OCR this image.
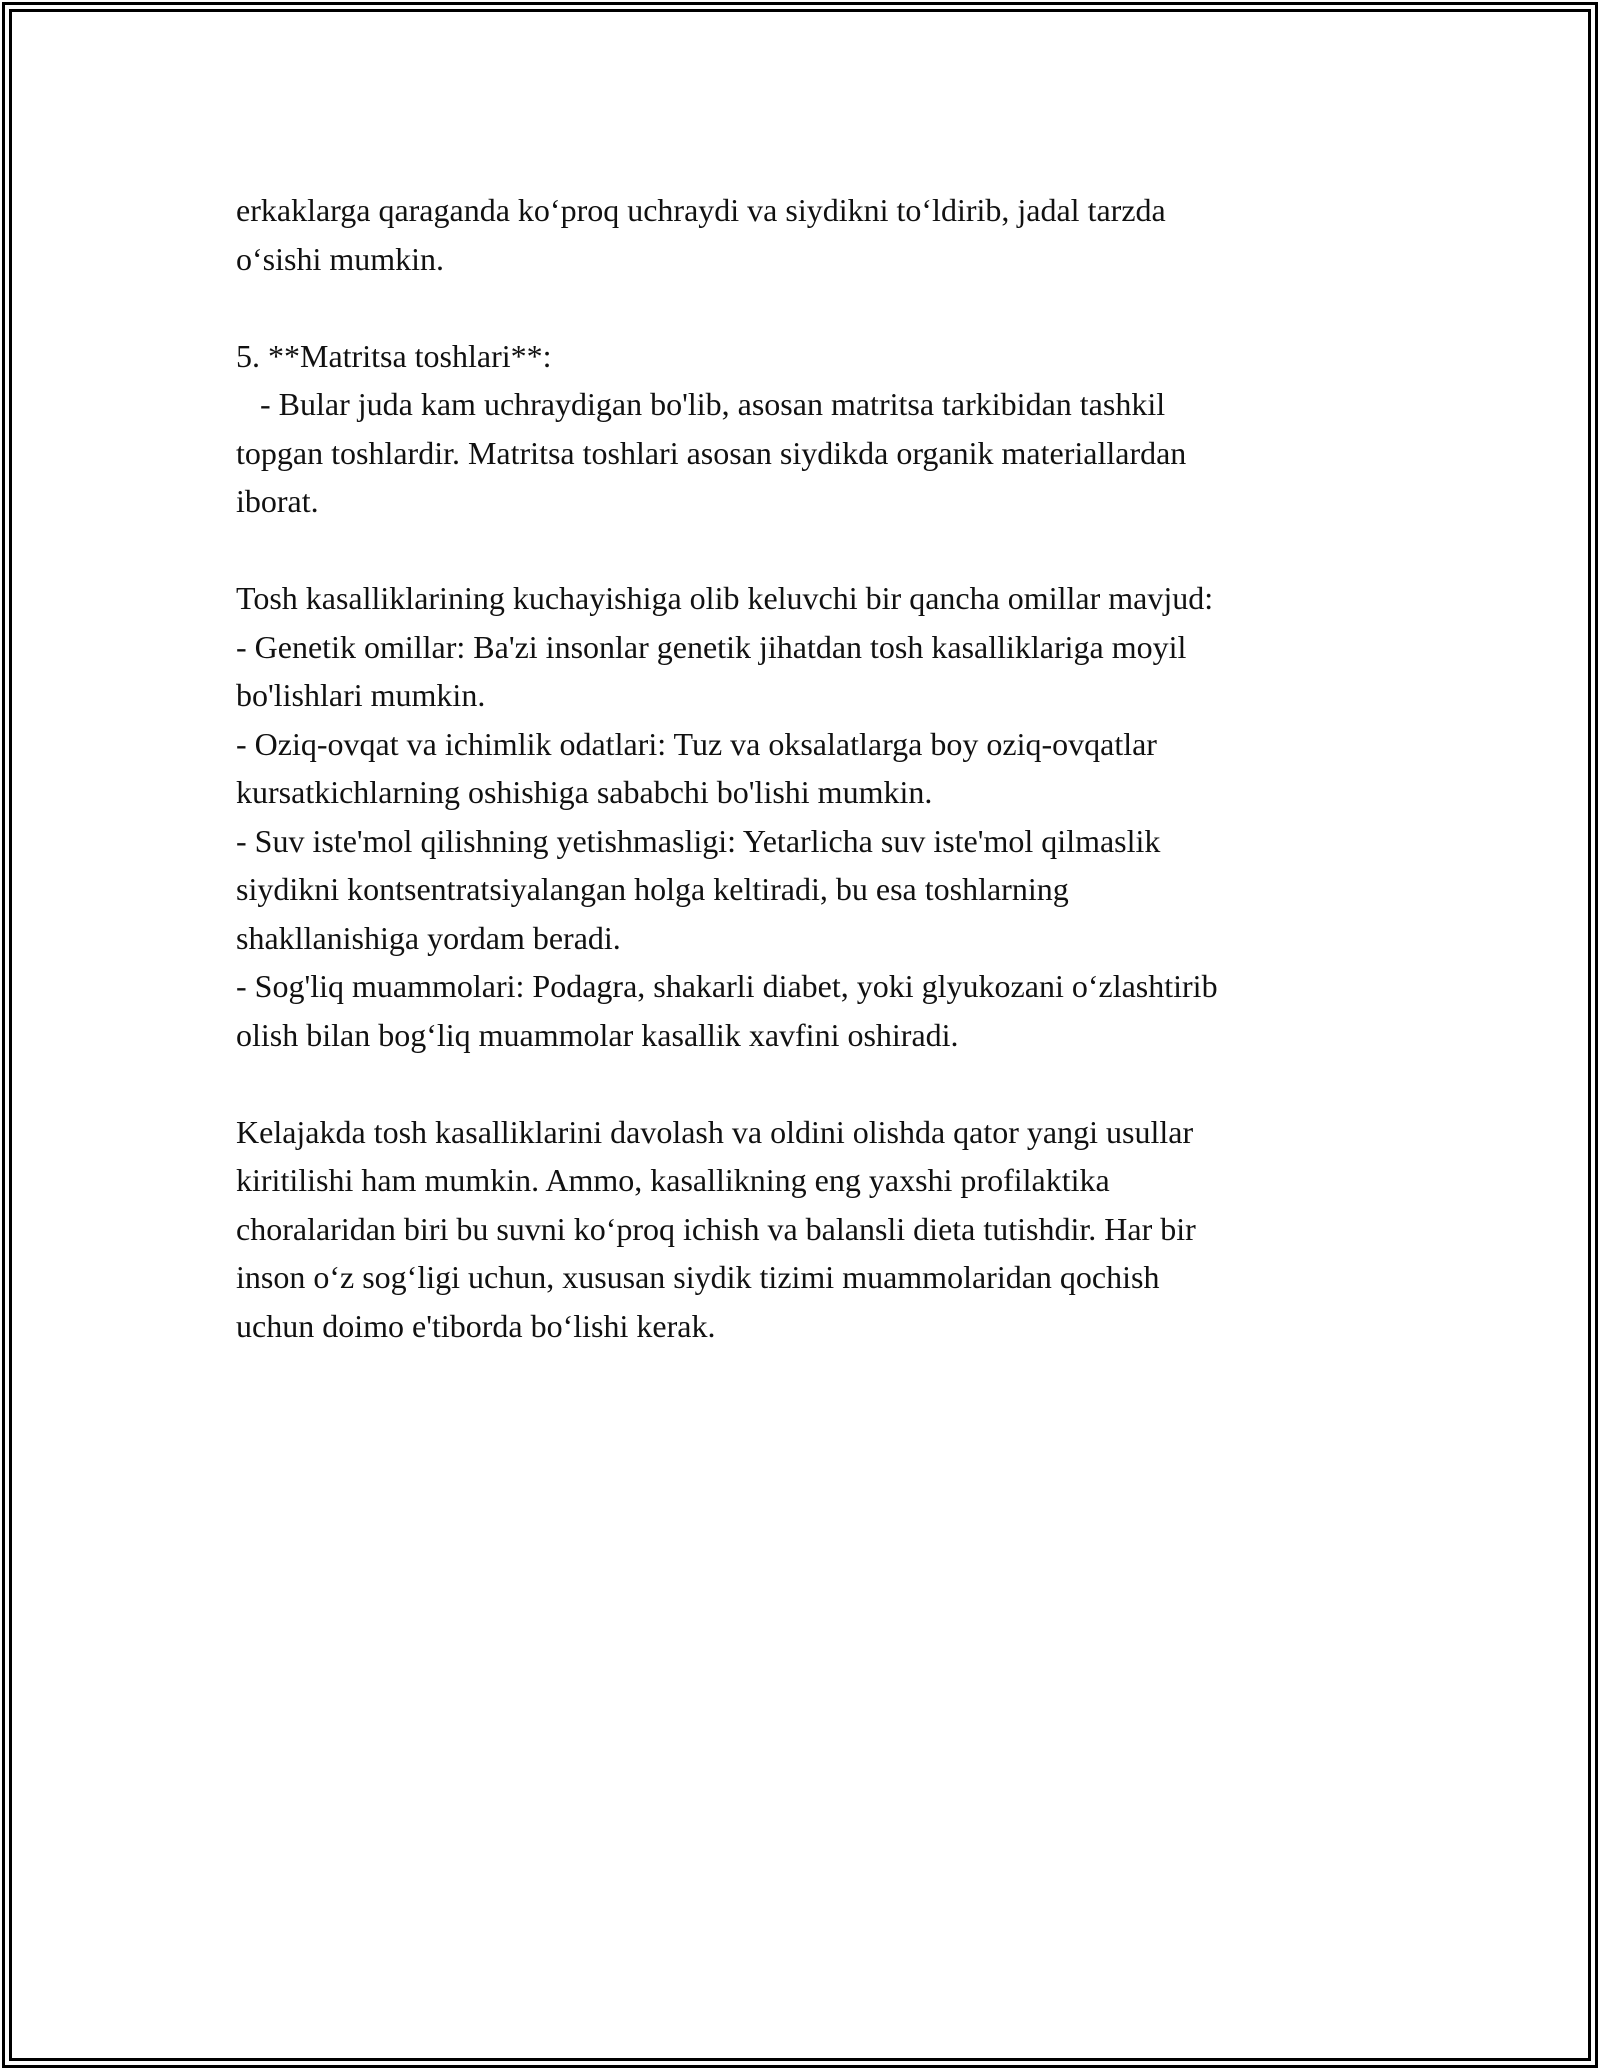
erkaklarga qaraganda ko‘proq uchraydi va siydikni to‘ldirib, jadal tarzda
o‘sishi mumkin.
5. **Matritsa toshlari**:
- Bular juda kam uchraydigan bo'lib, asosan matritsa tarkibidan tashkil
topgan toshlardir. Matritsa toshlari asosan siydikda organik materiallardan
iborat.
Tosh kasalliklarining kuchayishiga olib keluvchi bir qancha omillar mavjud:
- Genetik omillar: Ba'zi insonlar genetik jihatdan tosh kasalliklariga moyil
bo'lishlari mumkin.
- Oziq-ovqat va ichimlik odatlari: Tuz va oksalatlarga boy oziq-ovqatlar
kursatkichlarning oshishiga sababchi bo'lishi mumkin.
- Suv iste'mol qilishning yetishmasligi: Yetarlicha suv iste'mol qilmaslik
siydikni kontsentratsiyalangan holga keltiradi, bu esa toshlarning
shakllanishiga yordam beradi.
- Sog'liq muammolari: Podagra, shakarli diabet, yoki glyukozani o‘zlashtirib
olish bilan bog‘liq muammolar kasallik xavfini oshiradi.
Kelajakda tosh kasalliklarini davolash va oldini olishda qator yangi usullar
kiritilishi ham mumkin. Ammo, kasallikning eng yaxshi profilaktika
choralaridan biri bu suvni ko‘proq ichish va balansli dieta tutishdir. Har bir
inson o‘z sog‘ligi uchun, xususan siydik tizimi muammolaridan qochish
uchun doimo e'tiborda bo‘lishi kerak.
